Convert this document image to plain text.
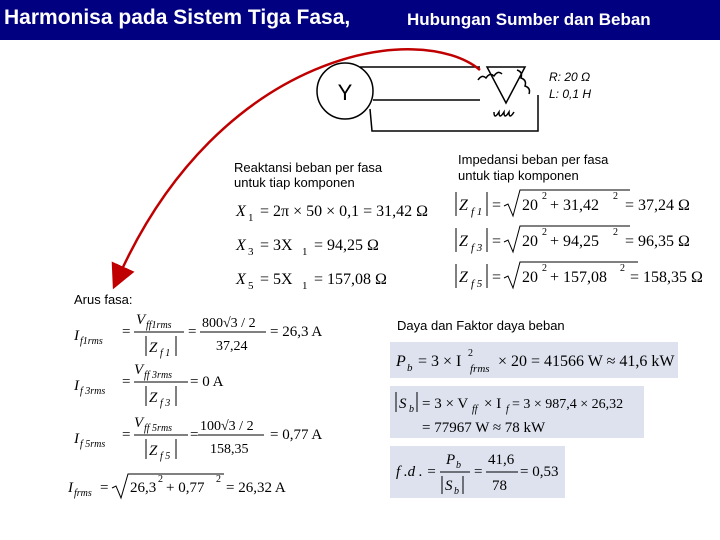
Harmonisa pada Sistem Tiga Fasa,	Hubungan Sumber dan Beban
Y
R: 20 Ω
L: 0,1 H
Reaktansi beban per fasa
untuk tiap komponen
Impedansi beban per fasa
untuk tiap komponen
Arus fasa:
Daya dan Faktor daya beban
X 1 = 2π × 50 × 0,1 = 31,42 Ω
X 3 = 3X 1 = 94,25 Ω
X 5 = 5X 1 = 157,08 Ω
Z f 1 = 20
2
+ 31,42
2
= 37,24 Ω
Z f 3 = 20
2
+ 94,25
2
= 96,35 Ω
Z f 5 = 20
2
+ 157,08
2
= 158,35 Ω
I f1rms
=
V ff1rms
Z f 1
=
800√3 / 2
37,24
= 26,3 A
I f 3rms
=
V ff 3rms
Z f 3
= 0 A
I f 5rms
=
V ff 5rms
Z f 5
=
100√3 / 2
158,35
= 0,77 A
I frms = 26,3
2
+ 0,77
2
= 26,32 A
P b = 3 × I 2
frms × 20 = 41566 W ≈ 41,6 kW
S b = 3 × V ff × I f = 3 × 987,4 × 26,32
= 77967 W ≈ 78 kW
f .d . =
P b
S b
=
41,6
78
= 0,53
